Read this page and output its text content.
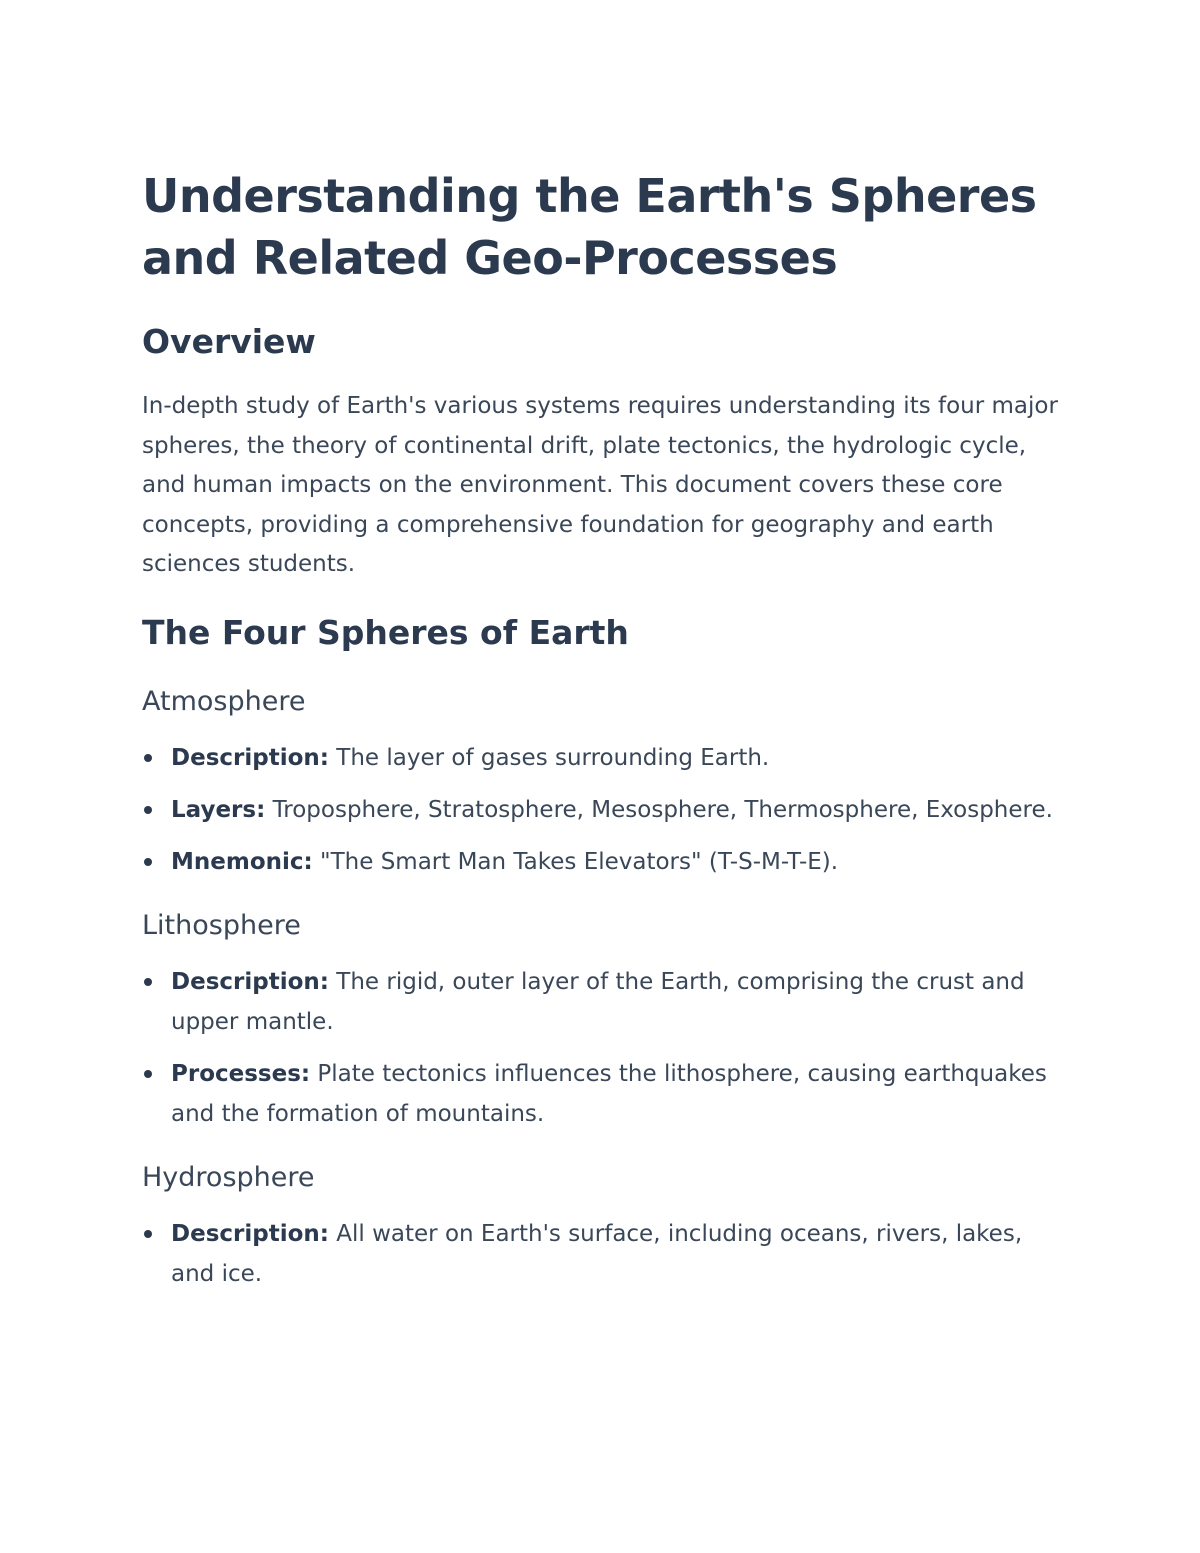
Understanding the Earth's Spheres and Related Geo-Processes
Overview

In-depth study of Earth's various systems requires understanding its four major spheres, the theory of continental drift, plate tectonics, the hydrologic cycle, and human impacts on the environment. This document covers these core concepts, providing a comprehensive foundation for geography and earth sciences students.

The Four Spheres of Earth
Atmosphere
Description: The layer of gases surrounding Earth.
Layers: Troposphere, Stratosphere, Mesosphere, Thermosphere, Exosphere.
Mnemonic: "The Smart Man Takes Elevators" (T-S-M-T-E).
Lithosphere
Description: The rigid, outer layer of the Earth, comprising the crust and upper mantle.
Processes: Plate tectonics influences the lithosphere, causing earthquakes and the formation of mountains.
Hydrosphere
Description: All water on Earth's surface, including oceans, rivers, lakes, and ice.
